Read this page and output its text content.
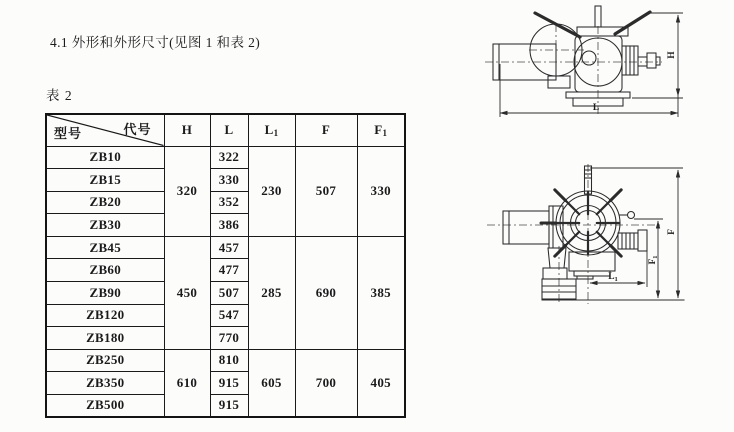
4.1 外形和外形尺寸(见图 1 和表 2)
表 2
型号 代号	H	L	$L_1$	F	$F_1$
ZB10	320	322	230	507	330
ZB15		330			
ZB20		352			
ZB30		386			
ZB45	450	457	285	690	385
ZB60		477			
ZB90		507			
ZB120		547			
ZB180		770			
ZB250	610	810	605	700	405
ZB350		915			
ZB500		915			
H
L
F
$F_1$
$L_1$
